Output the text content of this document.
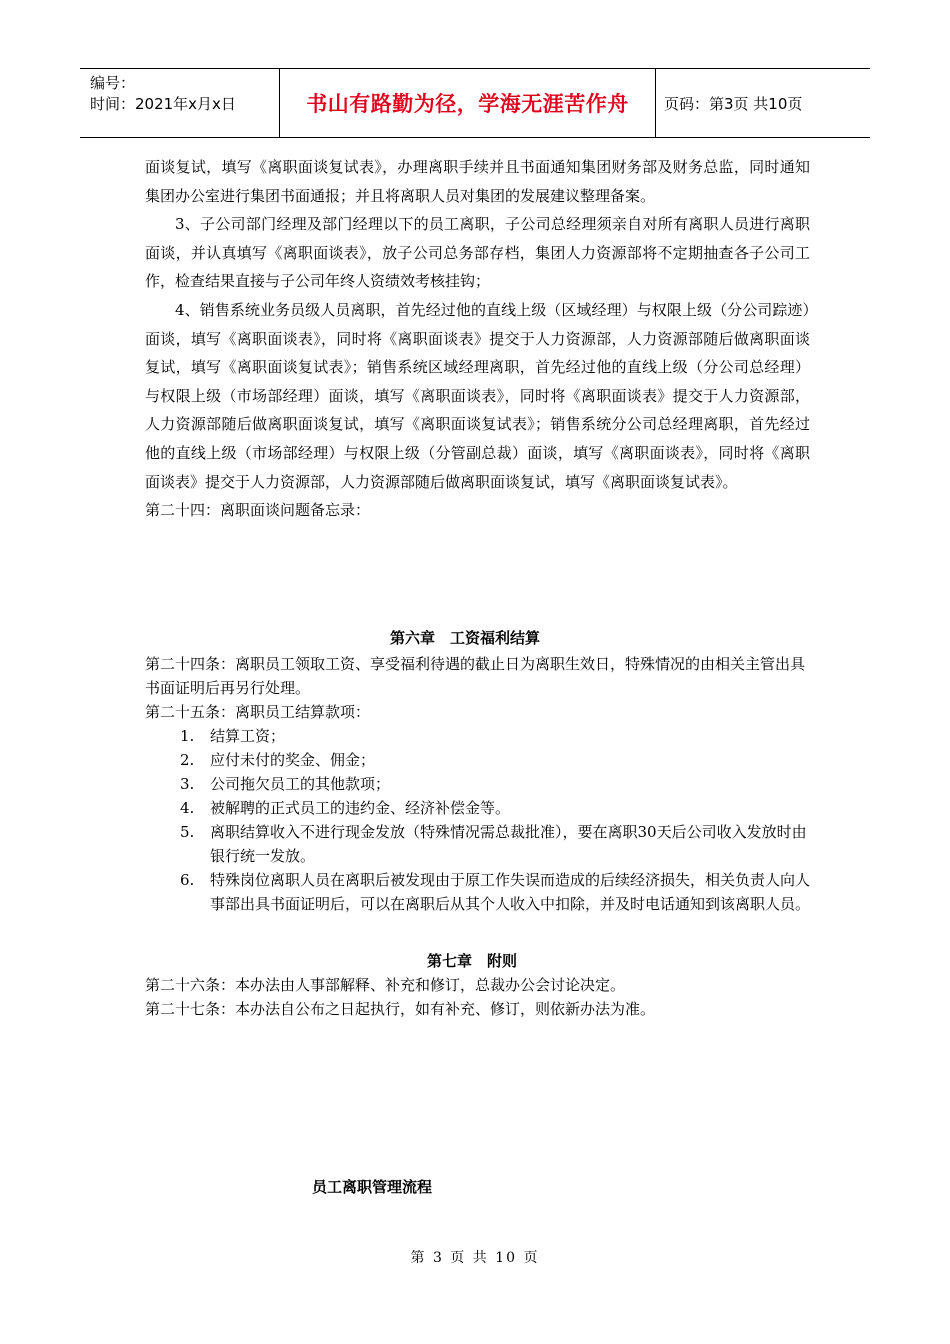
编号：
时间：2021年x月x日	书山有路勤为径，学海无涯苦作舟	页码：第3页 共10页

面谈复试，填写《离职面谈复试表》，办理离职手续并且书面通知集团财务部及财务总监，同时通知集团办公室进行集团书面通报；并且将离职人员对集团的发展建议整理备案。

3、子公司部门经理及部门经理以下的员工离职，子公司总经理须亲自对所有离职人员进行离职面谈，并认真填写《离职面谈表》，放子公司总务部存档，集团人力资源部将不定期抽查各子公司工作，检查结果直接与子公司年终人资绩效考核挂钩；

4、销售系统业务员级人员离职，首先经过他的直线上级（区域经理）与权限上级（分公司踪迹）面谈，填写《离职面谈表》，同时将《离职面谈表》提交于人力资源部，人力资源部随后做离职面谈复试，填写《离职面谈复试表》；销售系统区域经理离职，首先经过他的直线上级（分公司总经理）与权限上级（市场部经理）面谈，填写《离职面谈表》，同时将《离职面谈表》提交于人力资源部，人力资源部随后做离职面谈复试，填写《离职面谈复试表》；销售系统分公司总经理离职，首先经过他的直线上级（市场部经理）与权限上级（分管副总裁）面谈，填写《离职面谈表》，同时将《离职面谈表》提交于人力资源部，人力资源部随后做离职面谈复试，填写《离职面谈复试表》。

第二十四：离职面谈问题备忘录：

第六章　工资福利结算

第二十四条：离职员工领取工资、享受福利待遇的截止日为离职生效日，特殊情况的由相关主管出具书面证明后再另行处理。

第二十五条：离职员工结算款项：

1.	结算工资；
2.	应付未付的奖金、佣金；
3.	公司拖欠员工的其他款项；
4.	被解聘的正式员工的违约金、经济补偿金等。
5.	离职结算收入不进行现金发放（特殊情况需总裁批准），要在离职30天后公司收入发放时由银行统一发放。
6.	特殊岗位离职人员在离职后被发现由于原工作失误而造成的后续经济损失，相关负责人向人事部出具书面证明后，可以在离职后从其个人收入中扣除，并及时电话通知到该离职人员。
第七章　附则

第二十六条：本办法由人事部解释、补充和修订，总裁办公会讨论决定。

第二十七条：本办法自公布之日起执行，如有补充、修订，则依新办法为准。

员工离职管理流程
第 3 页 共 10 页
